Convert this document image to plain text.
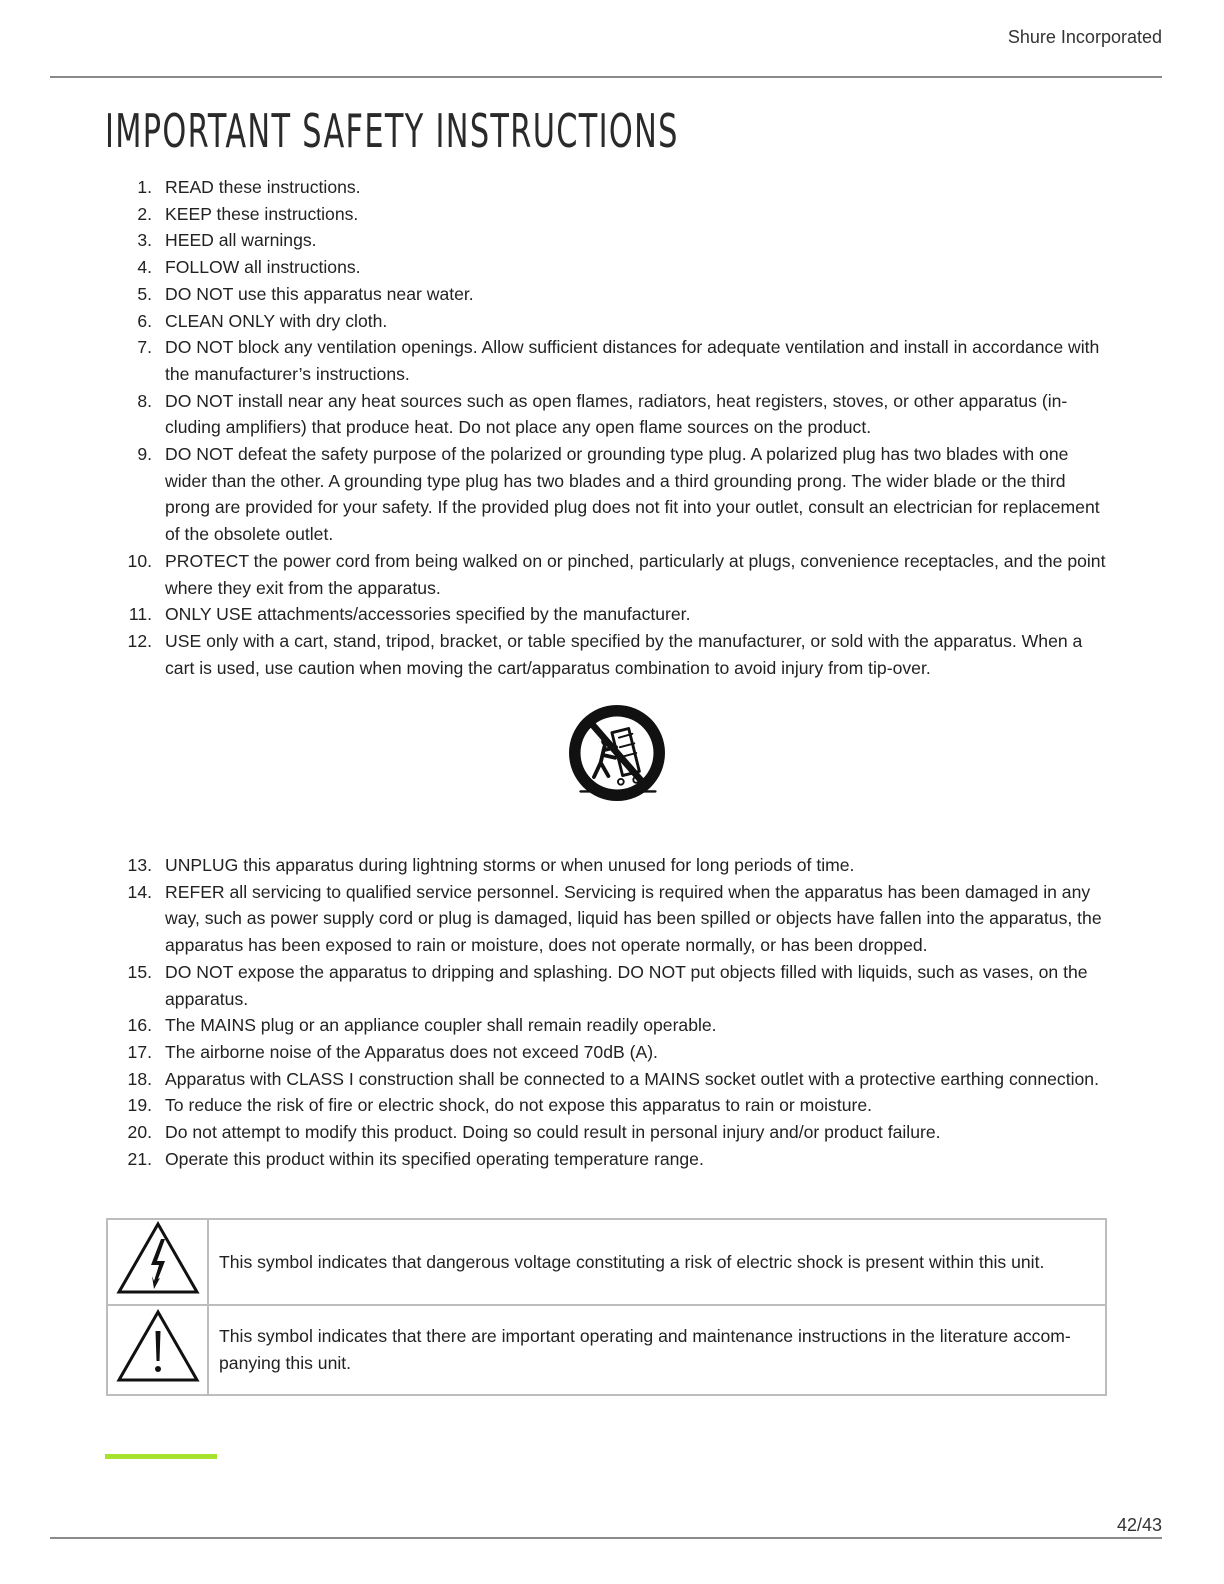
Shure Incorporated
IMPORTANT SAFETY INSTRUCTIONS
1. READ these instructions.
2. KEEP these instructions.
3. HEED all warnings.
4. FOLLOW all instructions.
5. DO NOT use this apparatus near water.
6. CLEAN ONLY with dry cloth.
7. DO NOT block any ventilation openings. Allow sufficient distances for adequate ventilation and install in accordance with the manufacturer’s instructions.
8. DO NOT install near any heat sources such as open flames, radiators, heat registers, stoves, or other apparatus (including amplifiers) that produce heat. Do not place any open flame sources on the product.
9. DO NOT defeat the safety purpose of the polarized or grounding type plug. A polarized plug has two blades with one wider than the other. A grounding type plug has two blades and a third grounding prong. The wider blade or the third prong are provided for your safety. If the provided plug does not fit into your outlet, consult an electrician for replacement of the obsolete outlet.
10. PROTECT the power cord from being walked on or pinched, particularly at plugs, convenience receptacles, and the point where they exit from the apparatus.
11. ONLY USE attachments/accessories specified by the manufacturer.
12. USE only with a cart, stand, tripod, bracket, or table specified by the manufacturer, or sold with the apparatus. When a cart is used, use caution when moving the cart/apparatus combination to avoid injury from tip-over.
13. UNPLUG this apparatus during lightning storms or when unused for long periods of time.
14. REFER all servicing to qualified service personnel. Servicing is required when the apparatus has been damaged in any way, such as power supply cord or plug is damaged, liquid has been spilled or objects have fallen into the apparatus, the apparatus has been exposed to rain or moisture, does not operate normally, or has been dropped.
15. DO NOT expose the apparatus to dripping and splashing. DO NOT put objects filled with liquids, such as vases, on the apparatus.
16. The MAINS plug or an appliance coupler shall remain readily operable.
17. The airborne noise of the Apparatus does not exceed 70dB (A).
18. Apparatus with CLASS I construction shall be connected to a MAINS socket outlet with a protective earthing connection.
19. To reduce the risk of fire or electric shock, do not expose this apparatus to rain or moisture.
20. Do not attempt to modify this product. Doing so could result in personal injury and/or product failure.
21. Operate this product within its specified operating temperature range.
	This symbol indicates that dangerous voltage constituting a risk of electric shock is present within this unit.
	This symbol indicates that there are important operating and maintenance instructions in the literature accompanying this unit.
42/43
